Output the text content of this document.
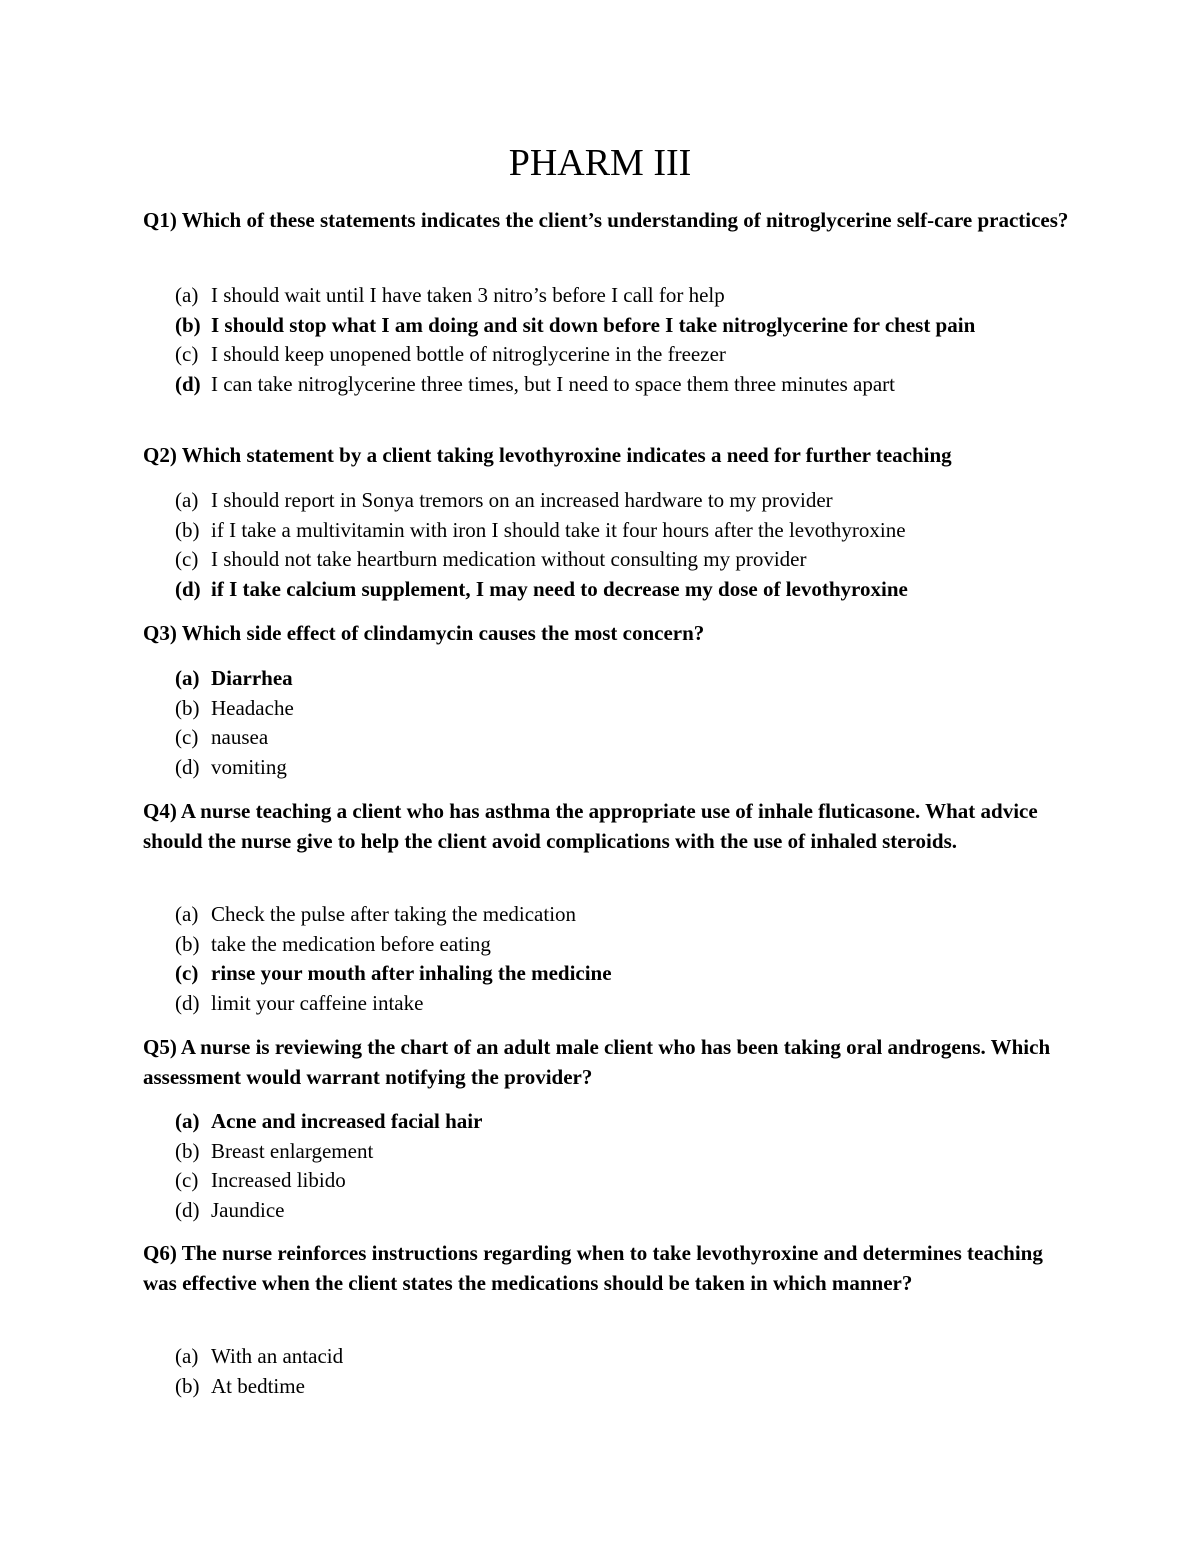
PHARM III

Q1) Which of these statements indicates the client’s understanding of nitroglycerine self-care practices?

(a) I should wait until I have taken 3 nitro’s before I call for help
(b) I should stop what I am doing and sit down before I take nitroglycerine for chest pain
(c) I should keep unopened bottle of nitroglycerine in the freezer
(d) I can take nitroglycerine three times, but I need to space them three minutes apart

Q2) Which statement by a client taking levothyroxine indicates a need for further teaching

(a) I should report in Sonya tremors on an increased hardware to my provider
(b) if I take a multivitamin with iron I should take it four hours after the levothyroxine
(c) I should not take heartburn medication without consulting my provider
(d) if I take calcium supplement, I may need to decrease my dose of levothyroxine

Q3) Which side effect of clindamycin causes the most concern?

(a) Diarrhea
(b) Headache
(c) nausea
(d) vomiting

Q4) A nurse teaching a client who has asthma the appropriate use of inhale fluticasone. What advice should the nurse give to help the client avoid complications with the use of inhaled steroids.

(a) Check the pulse after taking the medication
(b) take the medication before eating
(c) rinse your mouth after inhaling the medicine
(d) limit your caffeine intake

Q5) A nurse is reviewing the chart of an adult male client who has been taking oral androgens. Which assessment would warrant notifying the provider?

(a) Acne and increased facial hair
(b) Breast enlargement
(c) Increased libido
(d) Jaundice

Q6) The nurse reinforces instructions regarding when to take levothyroxine and determines teaching was effective when the client states the medications should be taken in which manner?

(a) With an antacid
(b) At bedtime
